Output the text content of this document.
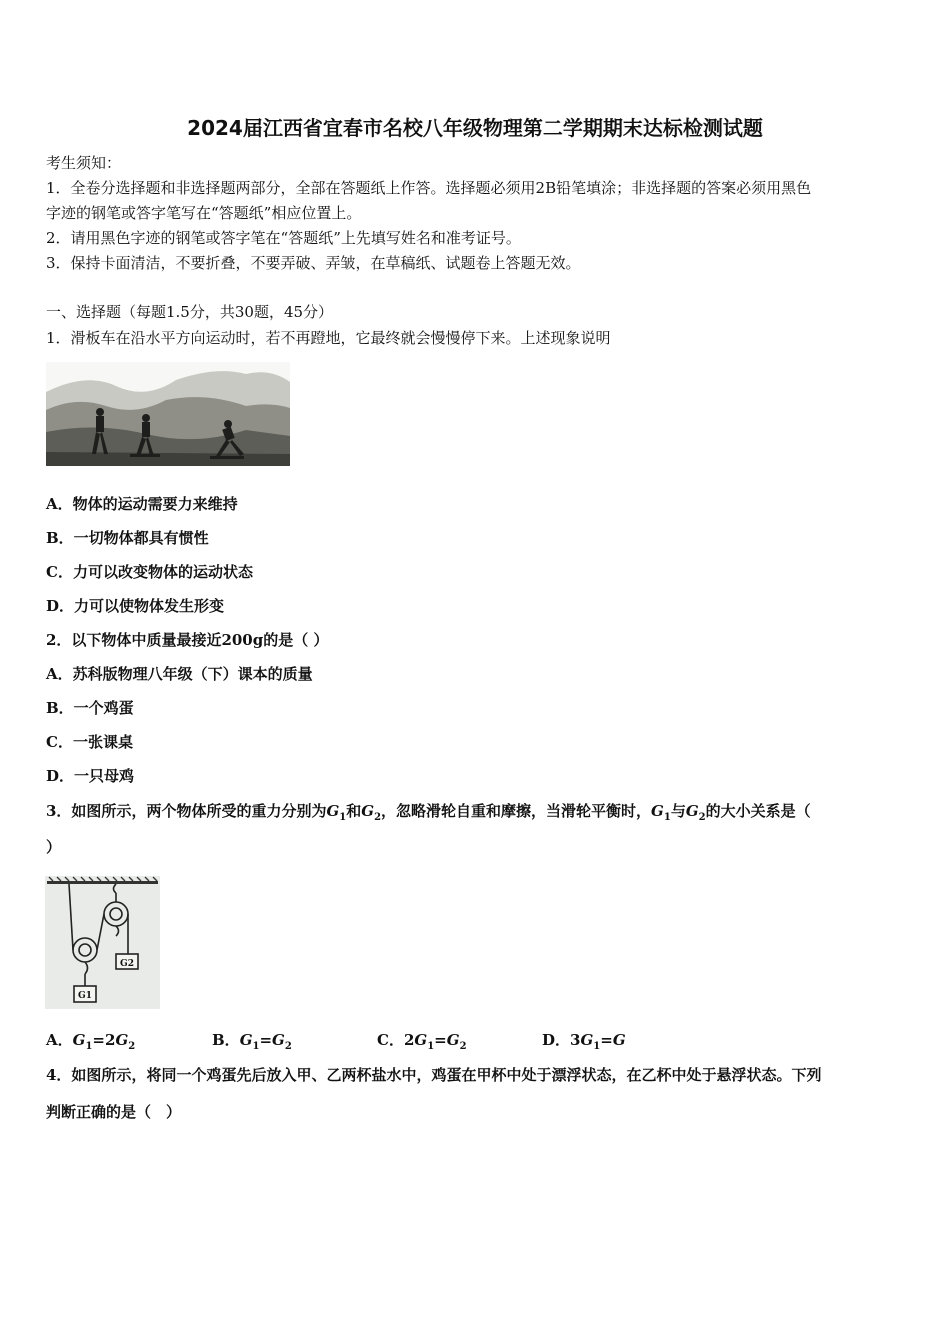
2024届江西省宜春市名校八年级物理第二学期期末达标检测试题
考生须知：
1．全卷分选择题和非选择题两部分，全部在答题纸上作答。选择题必须用2B铅笔填涂；非选择题的答案必须用黑色
字迹的钢笔或答字笔写在“答题纸”相应位置上。
2．请用黑色字迹的钢笔或答字笔在“答题纸”上先填写姓名和准考证号。
3．保持卡面清洁，不要折叠，不要弄破、弄皱，在草稿纸、试题卷上答题无效。
一、选择题（每题1.5分，共30题，45分）
1．滑板车在沿水平方向运动时，若不再蹬地，它最终就会慢慢停下来。上述现象说明
A．物体的运动需要力来维持
B．一切物体都具有惯性
C．力可以改变物体的运动状态
D．力可以使物体发生形变
2．以下物体中质量最接近200g的是（ ）
A．苏科版物理八年级（下）课本的质量
B．一个鸡蛋
C．一张课桌
D．一只母鸡
3．如图所示，两个物体所受的重力分别为$G_1$和$G_2$，忽略滑轮自重和摩擦，当滑轮平衡时，$G_1$与$G_2$的大小关系是（
）
G2
G1
A．$G_1=2G_2$	B．$G_1=G_2$	C．$2G_1=G_2$	D．$3G_1=G$
4．如图所示，将同一个鸡蛋先后放入甲、乙两杯盐水中，鸡蛋在甲杯中处于漂浮状态，在乙杯中处于悬浮状态。下列
判断正确的是（　）
